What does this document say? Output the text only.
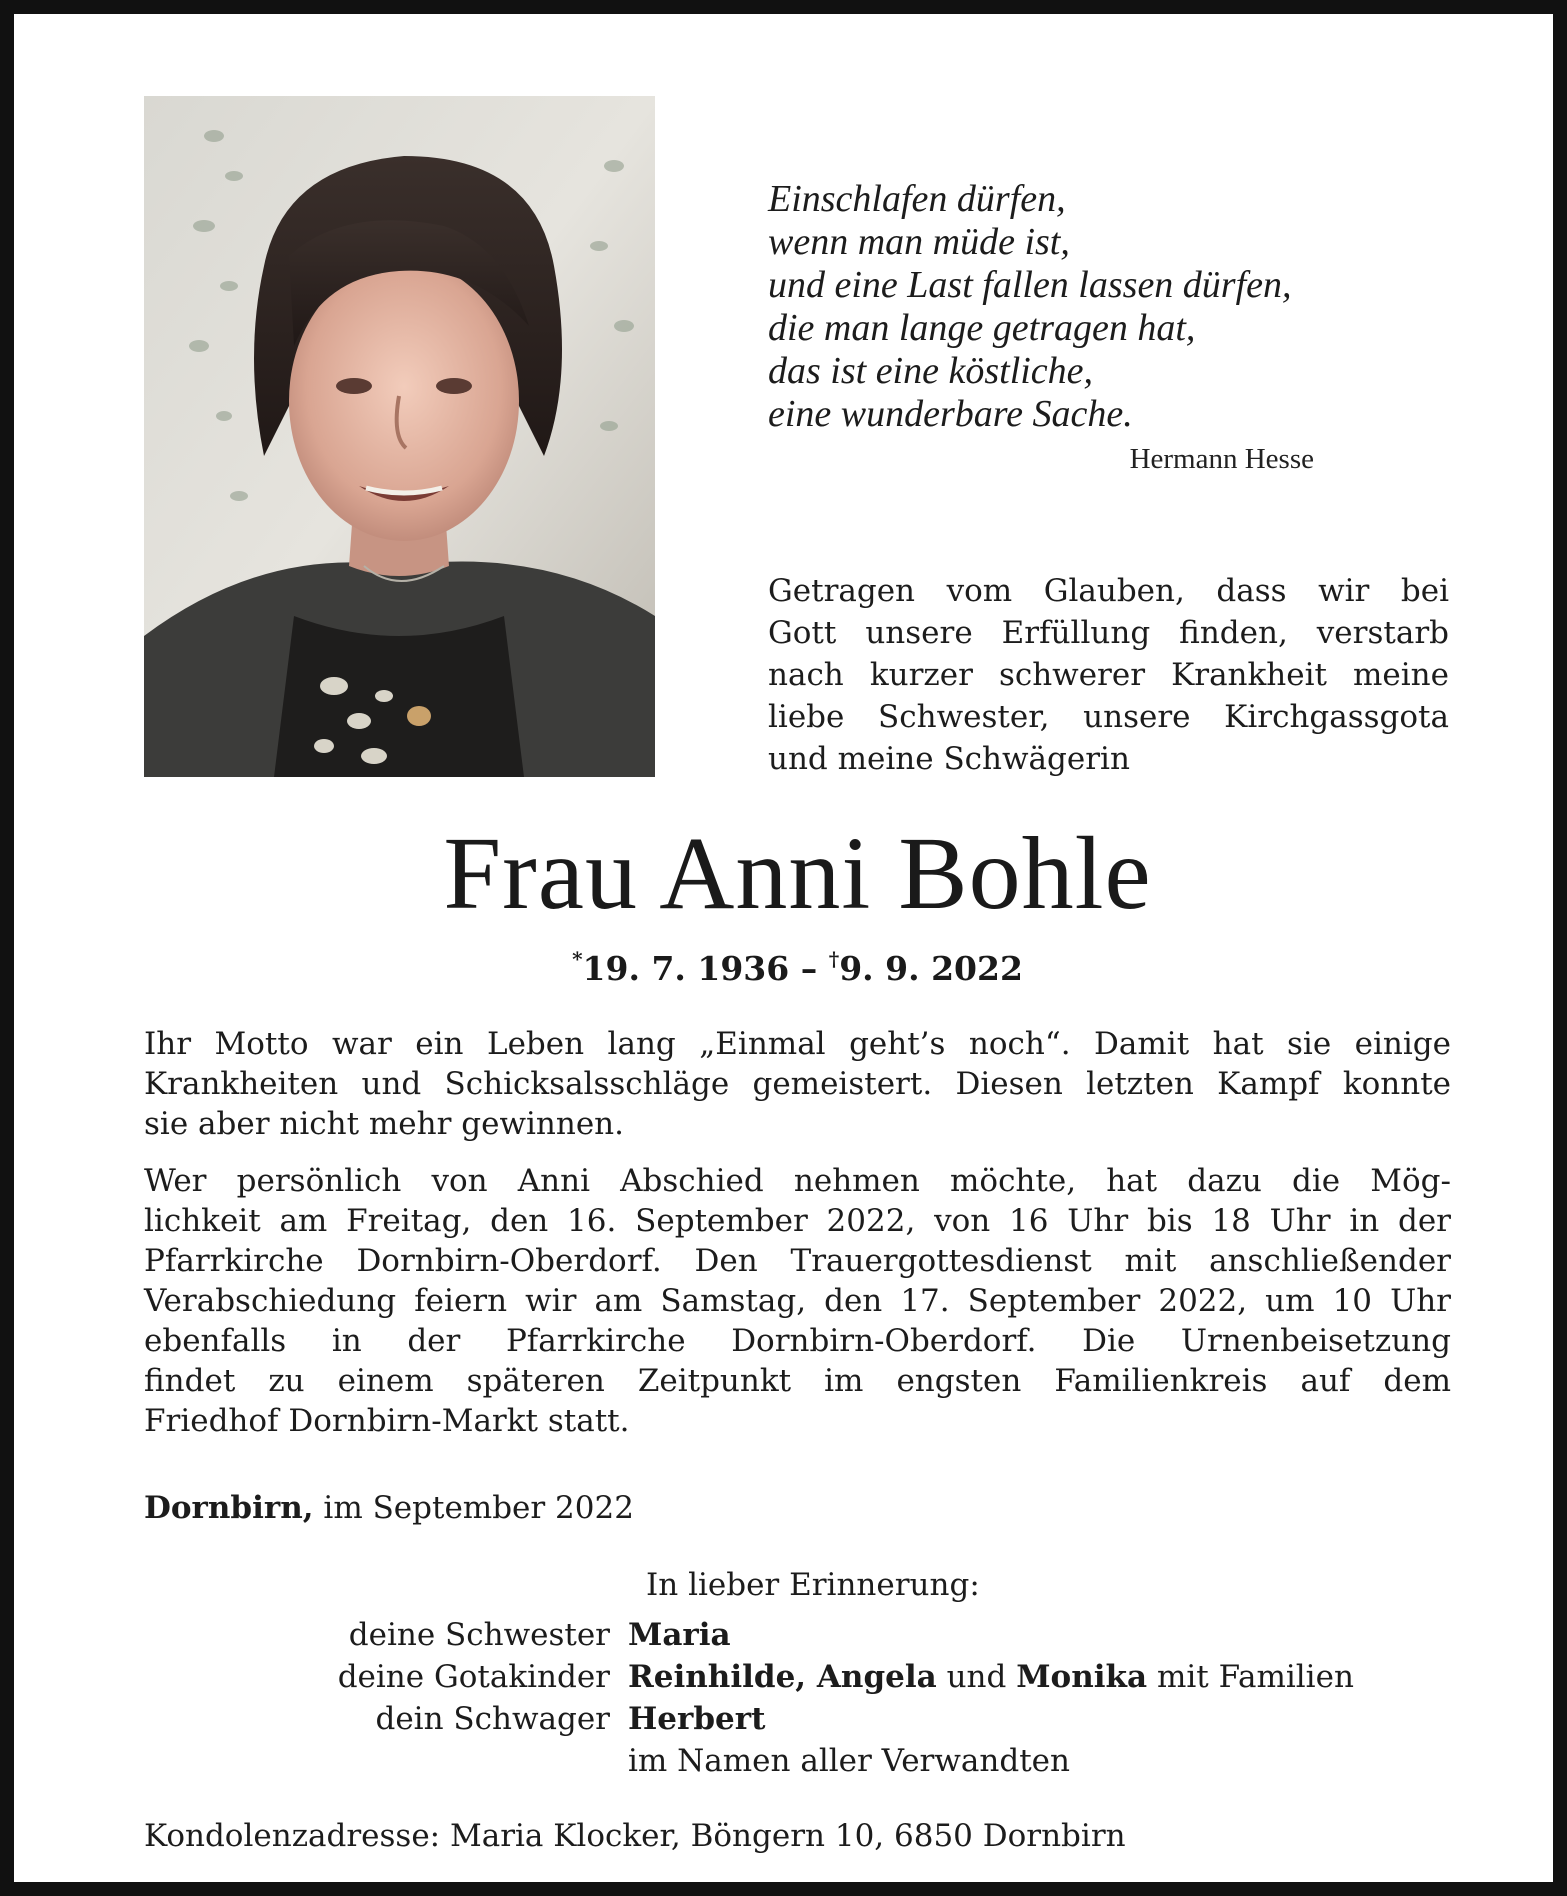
Einschlafen dürfen,
wenn man müde ist,
und eine Last fallen lassen dürfen,
die man lange getragen hat,
das ist eine köstliche,
eine wunderbare Sache.
Hermann Hesse
Getragen vom Glauben, dass wir bei
Gott unsere Erfüllung finden, verstarb
nach kurzer schwerer Krankheit meine
liebe Schwester, unsere Kirchgassgota
und meine Schwägerin
Frau Anni Bohle
*19. 7. 1936 – †9. 9. 2022
Ihr Motto war ein Leben lang „Einmal geht’s noch“. Damit hat sie einige
Krankheiten und Schicksalsschläge gemeistert. Diesen letzten Kampf konnte
sie aber nicht mehr gewinnen.
Wer persönlich von Anni Abschied nehmen möchte, hat dazu die Mög-
lichkeit am Freitag, den 16. September 2022, von 16 Uhr bis 18 Uhr in der
Pfarrkirche Dornbirn-Oberdorf. Den Trauergottesdienst mit anschließender
Verabschiedung feiern wir am Samstag, den 17. September 2022, um 10 Uhr
ebenfalls in der Pfarrkirche Dornbirn-Oberdorf. Die Urnenbeisetzung
findet zu einem späteren Zeitpunkt im engsten Familienkreis auf dem
Friedhof Dornbirn-Markt statt.
Dornbirn, im September 2022
In lieber Erinnerung:
deine Schwester Maria
deine Gotakinder Reinhilde, Angela und Monika mit Familien
dein Schwager Herbert
im Namen aller Verwandten
Kondolenzadresse: Maria Klocker, Böngern 10, 6850 Dornbirn
